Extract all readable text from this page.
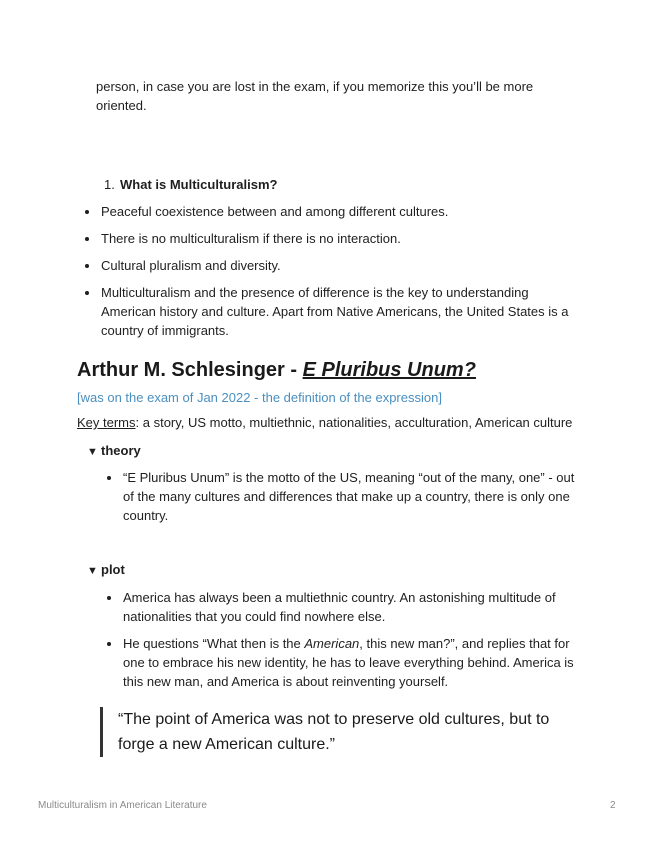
person, in case you are lost in the exam, if you memorize this you’ll be more oriented.
1. What is Multiculturalism?
Peaceful coexistence between and among different cultures.
There is no multiculturalism if there is no interaction.
Cultural pluralism and diversity.
Multiculturalism and the presence of difference is the key to understanding American history and culture. Apart from Native Americans, the United States is a country of immigrants.
Arthur M. Schlesinger - E Pluribus Unum?
[was on the exam of Jan 2022 - the definition of the expression]
Key terms: a story, US motto, multiethnic, nationalities, acculturation, American culture
▼ theory
“E Pluribus Unum” is the motto of the US, meaning “out of the many, one” - out of the many cultures and differences that make up a country, there is only one country.
▼ plot
America has always been a multiethnic country. An astonishing multitude of nationalities that you could find nowhere else.
He questions “What then is the American, this new man?”, and replies that for one to embrace his new identity, he has to leave everything behind. America is this new man, and America is about reinventing yourself.
“The point of America was not to preserve old cultures, but to forge a new American culture.”
Multiculturalism in American Literature	2
